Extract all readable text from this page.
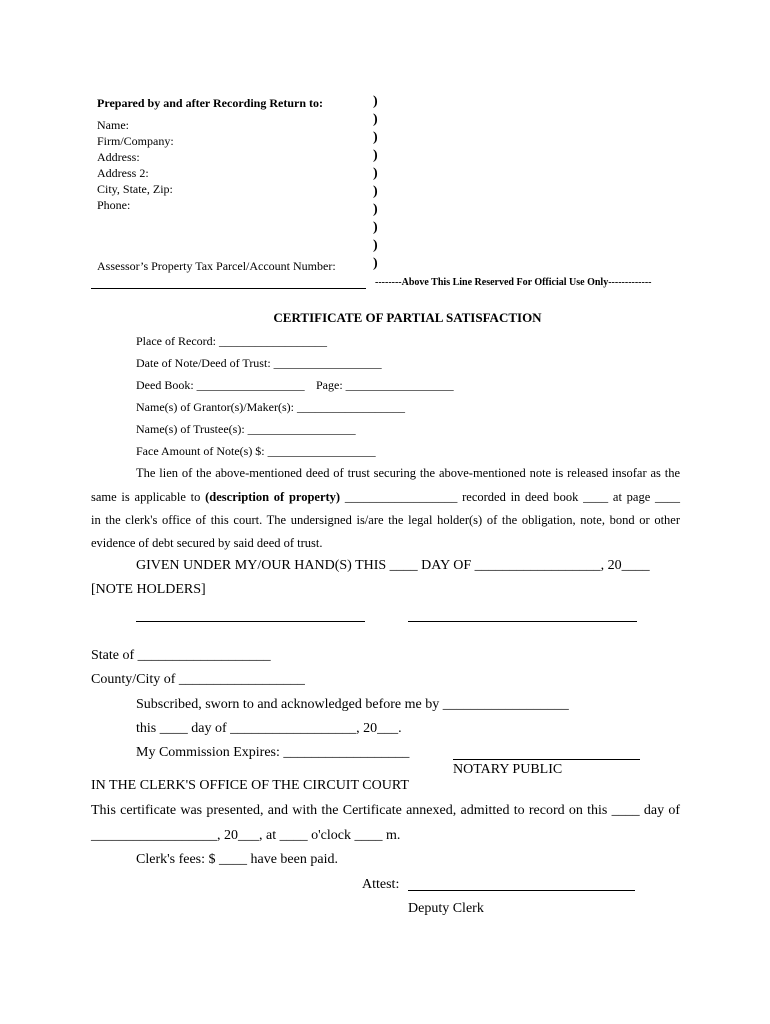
Prepared by and after Recording Return to:
Name:
Firm/Company:
Address:
Address 2:
City, State, Zip:
Phone:
Assessor’s Property Tax Parcel/Account Number:
)
)
)
)
)
)
)
)
)
)
--------Above This Line Reserved For Official Use Only-------------
CERTIFICATE OF PARTIAL SATISFACTION
Place of Record: __________________
Date of Note/Deed of Trust: __________________
Deed Book: __________________ Page: __________________
Name(s) of Grantor(s)/Maker(s): __________________
Name(s) of Trustee(s): __________________
Face Amount of Note(s) $: __________________
The lien of the above-mentioned deed of trust securing the above-mentioned note is released insofar as the
same is applicable to (description of property) __________________ recorded in deed book ____ at page ____
in the clerk's office of this court. The undersigned is/are the legal holder(s) of the obligation, note, bond or other
evidence of debt secured by said deed of trust.
GIVEN UNDER MY/OUR HAND(S) THIS ____ DAY OF __________________, 20____
[NOTE HOLDERS]
State of ___________________
County/City of __________________
Subscribed, sworn to and acknowledged before me by __________________
this ____ day of __________________, 20___.
My Commission Expires: __________________
NOTARY PUBLIC
IN THE CLERK'S OFFICE OF THE CIRCUIT COURT
This certificate was presented, and with the Certificate annexed, admitted to record on this ____ day of
__________________, 20___, at ____ o'clock ____ m.
Clerk's fees: $ ____ have been paid.
Attest:
Deputy Clerk
